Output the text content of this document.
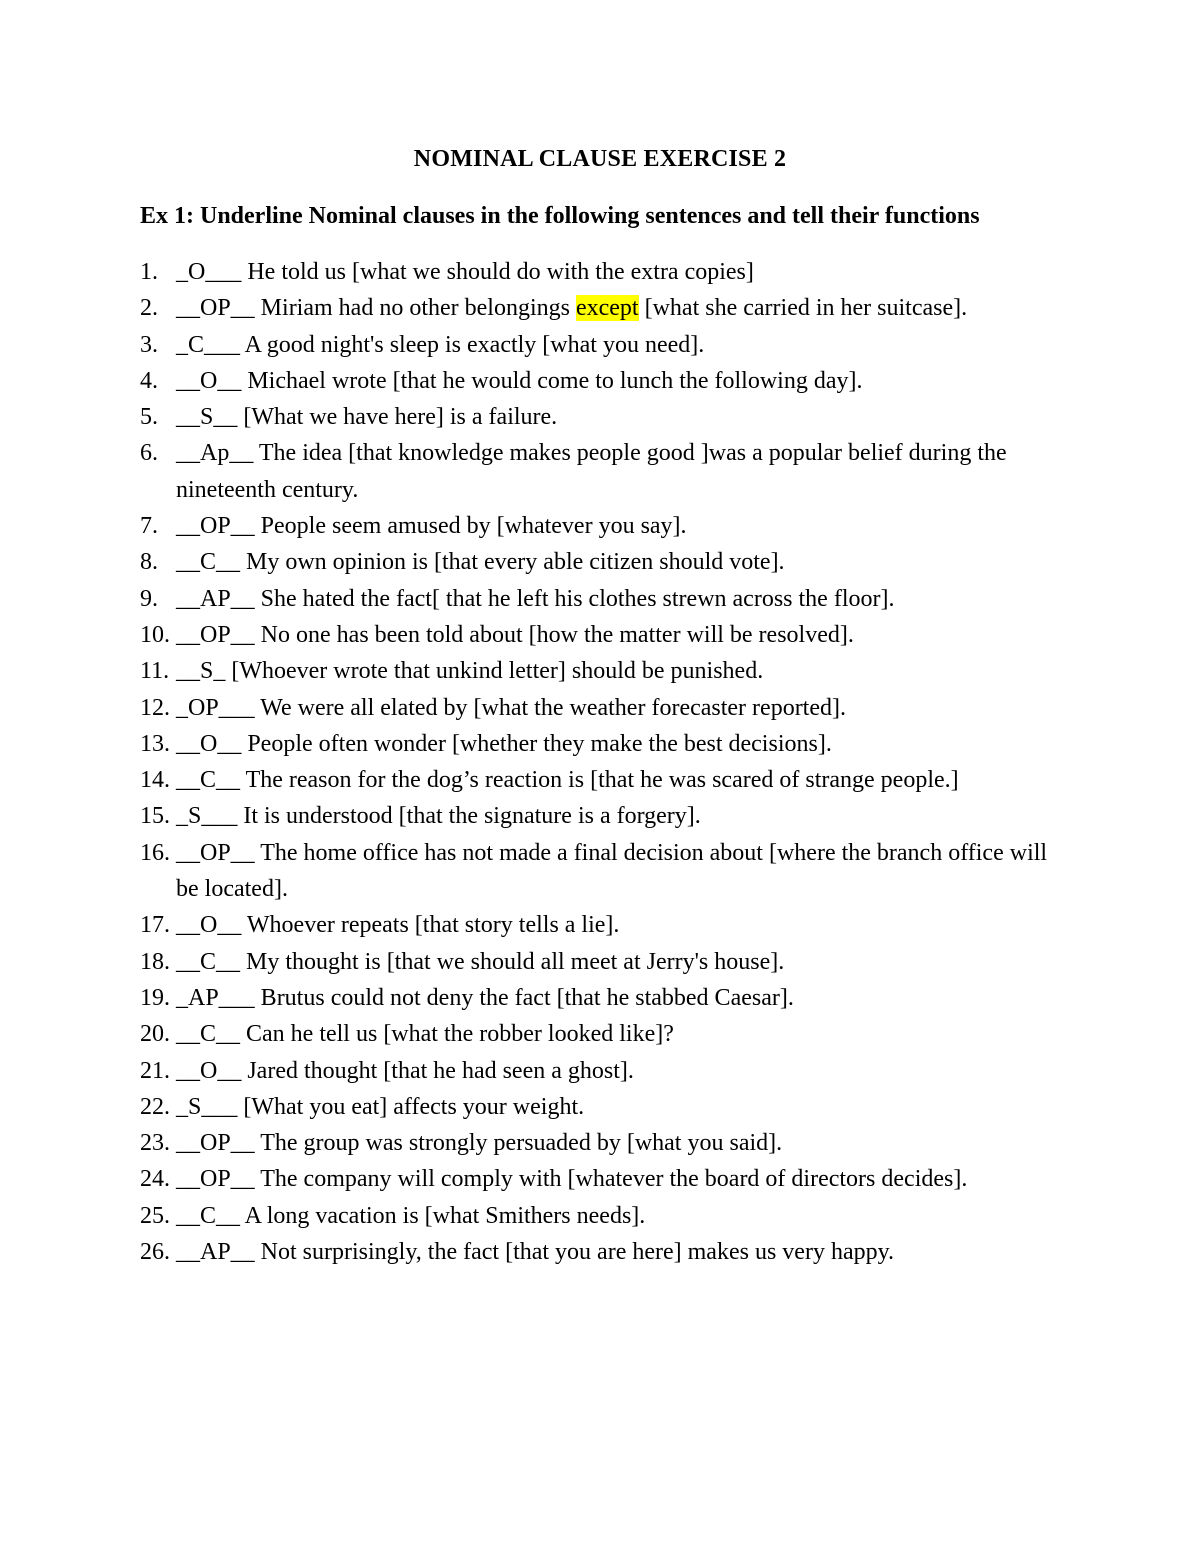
NOMINAL CLAUSE EXERCISE 2
Ex 1: Underline Nominal clauses in the following sentences and tell their functions
1. _O___ He told us [what we should do with the extra copies]
2. __OP__ Miriam had no other belongings except [what she carried in her suitcase].
3. _C___ A good night's sleep is exactly [what you need].
4. __O__ Michael wrote [that he would come to lunch the following day].
5. __S__ [What we have here] is a failure.
6. __Ap__ The idea [that knowledge makes people good ]was a popular belief during the nineteenth century.
7. __OP__ People seem amused by [whatever you say].
8. __C__ My own opinion is [that every able citizen should vote].
9. __AP__ She hated the fact[ that he left his clothes strewn across the floor].
10. __OP__ No one has been told about [how the matter will be resolved].
11. __S_ [Whoever wrote that unkind letter] should be punished.
12. _OP___ We were all elated by [what the weather forecaster reported].
13. __O__ People often wonder [whether they make the best decisions].
14. __C__ The reason for the dog’s reaction is [that he was scared of strange people.]
15. _S___ It is understood [that the signature is a forgery].
16. __OP__ The home office has not made a final decision about [where the branch office will be located].
17. __O__ Whoever repeats [that story tells a lie].
18. __C__ My thought is [that we should all meet at Jerry's house].
19. _AP___ Brutus could not deny the fact [that he stabbed Caesar].
20. __C__ Can he tell us [what the robber looked like]?
21. __O__ Jared thought [that he had seen a ghost].
22. _S___ [What you eat] affects your weight.
23. __OP__ The group was strongly persuaded by [what you said].
24. __OP__ The company will comply with [whatever the board of directors decides].
25. __C__ A long vacation is [what Smithers needs].
26. __AP__ Not surprisingly, the fact [that you are here] makes us very happy.
